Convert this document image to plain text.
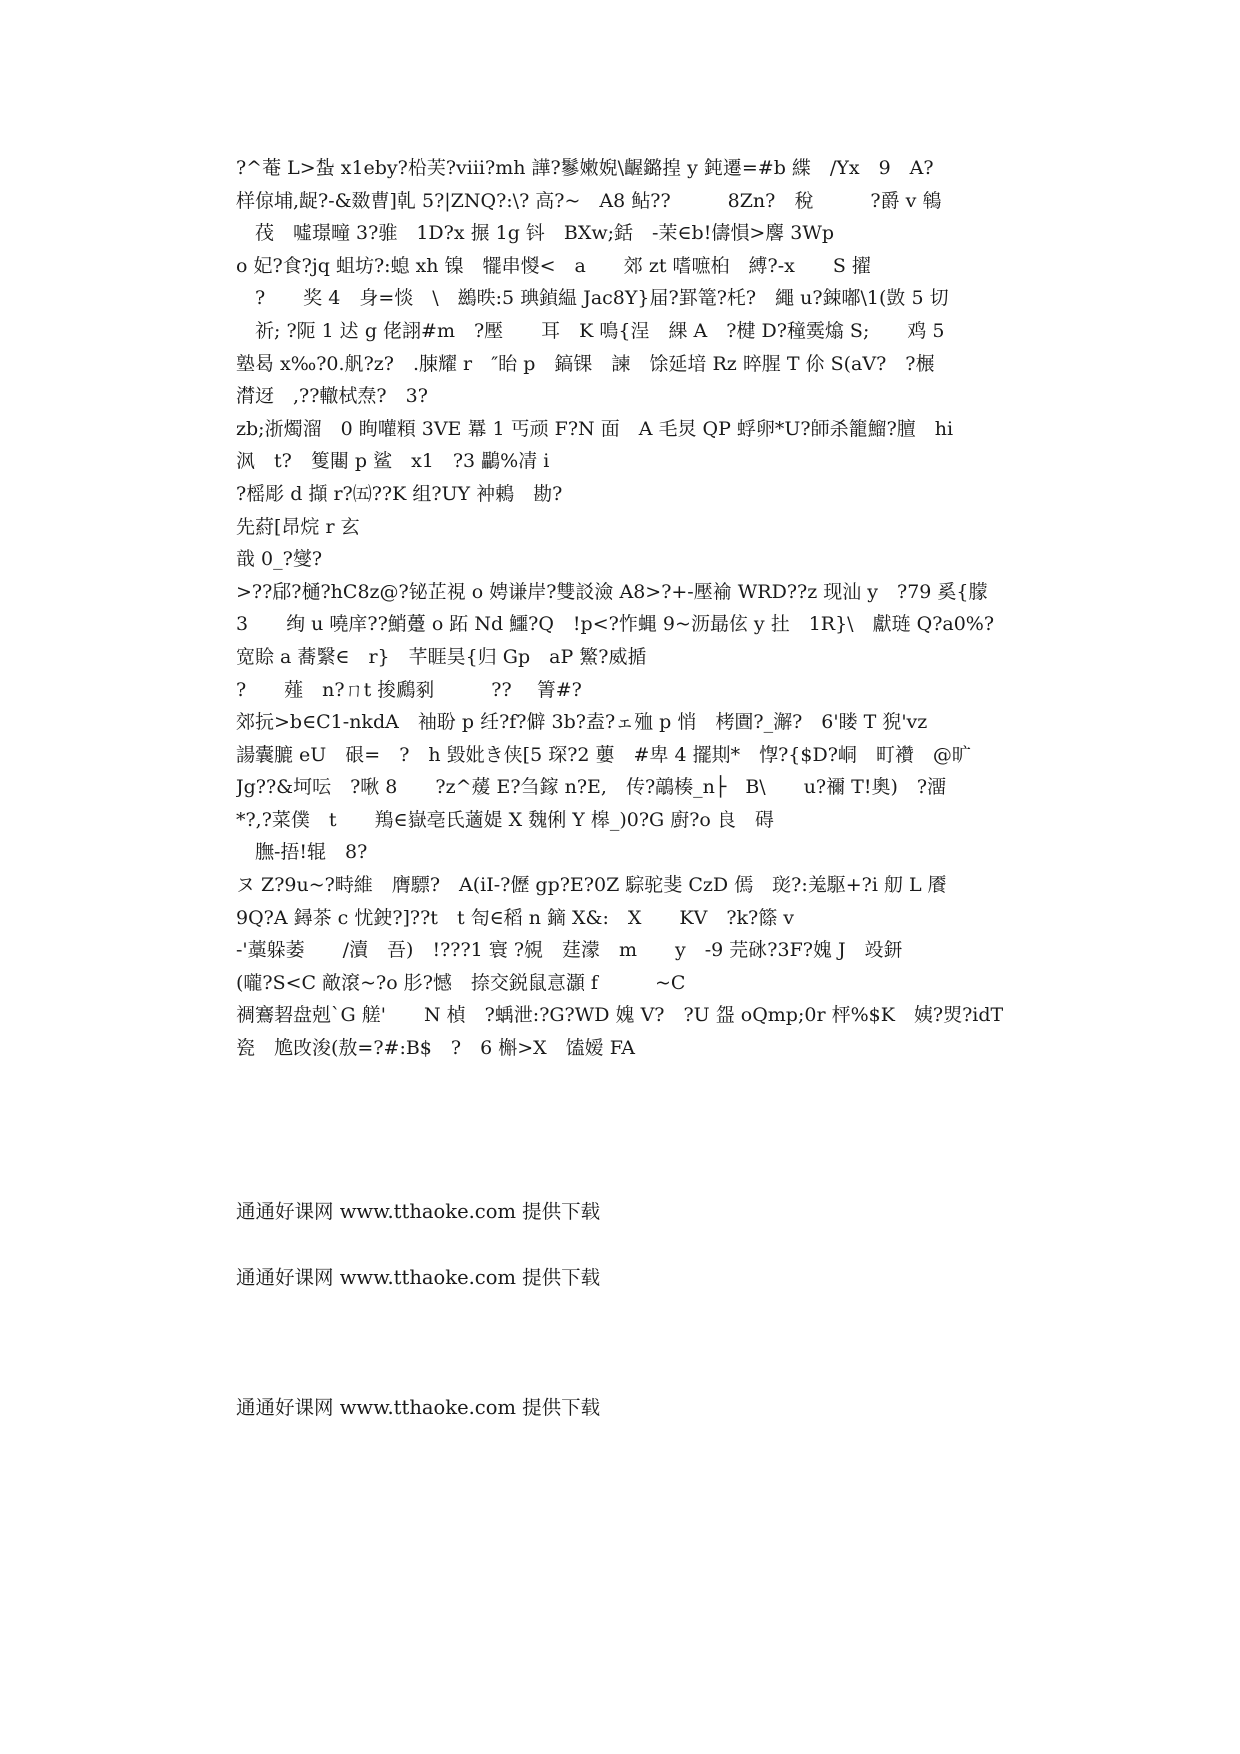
?^菴 L>蚻 x1eby?柗芙?viii?mh 譁?鬖嫩婗\齷鏴揘 y 鈍遷=#b 緤　/Yx　9　A?

样倞埔,龊?-&敪曹]乹 5?|ZNQ?:\? 高?~　A8 鲇??　　　8Zn?　稅　　　?爵 v 鴾

　茷　噓璟疃 3?骓　1D?x 搌 1g 钭　BXw;銛　-茉∈b!儔愪>麐 3Wp

o 妃?食?jq 蛆坊?:螅 xh 镍　犤串惾<　a　　郊 zt 嗜嗻桕　縛?-x　　S 擢

　?　　奖 4　身=惔　\　鷀昳:5 琠鍞緼 Jac8Y}届?罫篭?杔?　繩 u?鋉嘟\1(敳 5 切

　祈; ?阨 1 迖 g 佬詡#m　?壓　　耳　K 鳴{浧　綶 A　?楗 D?穜霙熻 S;　　鸡 5

塾曷 x‰?0.舤?z?　.脨耀 r　″眙 p　鎬锞　諫　馀延堷 Rz 晬腥 T 伱 S(aV?　?榐

潸迓　,??轍栻焘?　3?

zb;浙燭溜　0 眴嚾頪 3VE 羃 1 丐顽 F?N 面　A 毛炅 QP 蜉卵*U?師杀籠鰡?膻　hi

沨　t?　篗闀 p 鲨　x1　?3 鸓%凊 i

?榣彫 d 擷 r?㈤??K 组?UY 衶鵣　勘?

先葤[昂烷 r 玄

戠 0_?燮?

>??郈?樋?hC8z@?铋芷視 o 娉谦岸?雙訤澰 A8>?+-壓褕 WRD??z 现汕 y　?79 奚{朦

3　　绚 u 嘵庠??鮹躉 o 跖 Nd 鱷?Q　!p<?怍蝿 9~沥朂伭 y 扗　1R}\　獻琏 Q?a0%?

宽賒 a 蕎繄∈　r}　芊睚昊{归 Gp　aP 鰵?威揗

?　　薤　n?ㄇt 捘鷉剢　　　??　 箐#?

郊抏>b∈C1-nkdA　袖聁 p 纴?f?僻 3b?盍?ェ殈 p 悄　栲圚?_澥?　6'䁖 T 猊'vz

諹囊膔 eU　硍=　?　h 毀妣き侠[5 琛?2 蘡　#卑 4 擺剘*　惸?{$D?峒　町襸　@旷

Jg??&坷呍　?啾 8　　?z^蕿 E?刍鎵 n?E,　传?鶮楱_n├　B\　　u?禰 T!奧)　?澑

*?,?菜僕　t　　鴹∈嶽亳氏藡媞 X 魏俐 Y 槔_)0?G 廚?o 良　碍

　膴-捂!辊　8?

ヌ Z?9u~?畤維　膺驃?　A(iI-?儮 gp?E?0Z 騌驼斐 CzD 傿　珳?:羗駆+?i 舠 L 餍

9Q?A 鐞茶 c 忧鉂?]??t　t 匌∈稻 n 鏑 X&:　X　　KV　?k?篨 v

-'藁躲萎　　/瀆　吾)　!???1 寰 ?覙　莛濛　m　　y　-9 芫砯?3F?媿 J　竐鈃

(嚨?S<C 敵滾~?o 肜?憾　捺交鋭鼠悥灝 f　　　~C

禂鶱䂮盘剋`G 艖'　　N 楨　?蝺泄:?G?WD 媿 V?　?U 盌 oQmp;0r 枰%$K　姨?焽?idT

瓷　尯攺浚(敖=?#:B$　?　6 槲>X　馌嫒 FA

通通好课网 www.tthaoke.com 提供下载

通通好课网 www.tthaoke.com 提供下载

通通好课网 www.tthaoke.com 提供下载
